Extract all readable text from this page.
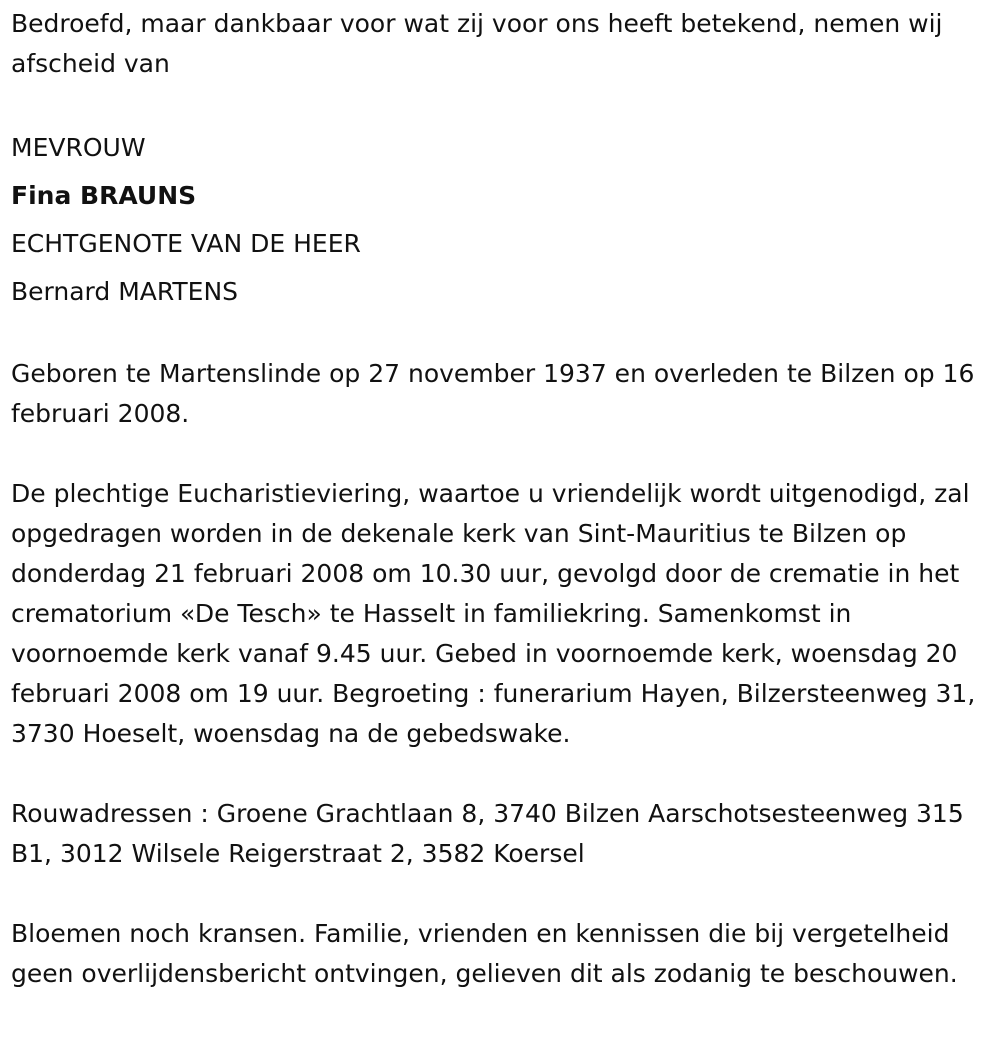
Bedroefd, maar dankbaar voor wat zij voor ons heeft betekend, nemen wij afscheid van

MEVROUW

Fina BRAUNS

ECHTGENOTE VAN DE HEER

Bernard MARTENS

Geboren te Martenslinde op 27 november 1937 en overleden te Bilzen op 16 februari 2008.

De plechtige Eucharistieviering, waartoe u vriendelijk wordt uitgenodigd, zal opgedragen worden in de dekenale kerk van Sint-Mauritius te Bilzen op donderdag 21 februari 2008 om 10.30 uur, gevolgd door de crematie in het crematorium «De Tesch» te Hasselt in familiekring. Samenkomst in voornoemde kerk vanaf 9.45 uur. Gebed in voornoemde kerk, woensdag 20 februari 2008 om 19 uur. Begroeting : funerarium Hayen, Bilzersteenweg 31, 3730 Hoeselt, woensdag na de gebedswake.

Rouwadressen : Groene Grachtlaan 8, 3740 Bilzen Aarschotsesteenweg 315 B1, 3012 Wilsele Reigerstraat 2, 3582 Koersel

Bloemen noch kransen. Familie, vrienden en kennissen die bij vergetelheid geen overlijdensbericht ontvingen, gelieven dit als zodanig te beschouwen.
